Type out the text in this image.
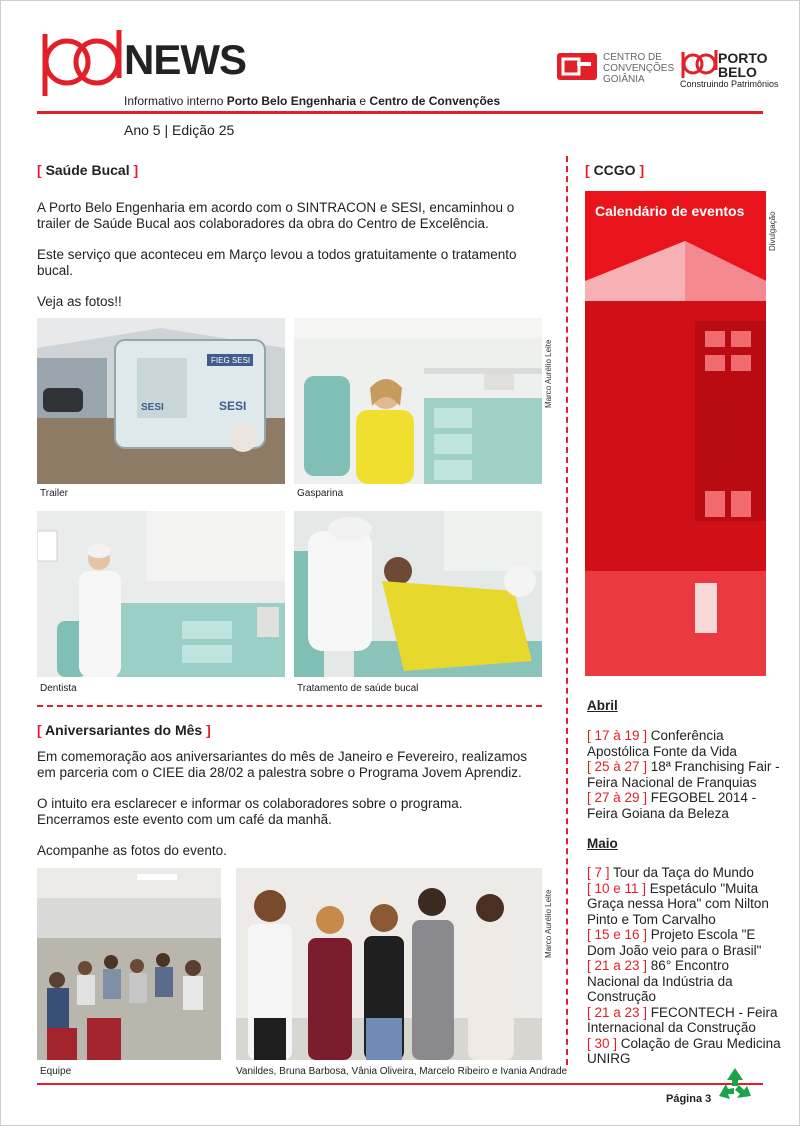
NEWS
Informativo interno Porto Belo Engenharia e Centro de Convenções
CENTRO DE
CONVENÇÕES
GOIÂNIA
PORTO
BELO
Construindo Patrimônios
Ano 5 | Edição 25
[ Saúde Bucal ]

A Porto Belo Engenharia em acordo com o SINTRACON e SESI, encaminhou o trailer de Saúde Bucal aos colaboradores da obra do Centro de Excelência.

Este serviço que aconteceu em Março levou a todos gratuitamente o tratamento bucal.

Veja as fotos!!

FIEG SESI
SESI	SESI
Trailer	Gasparina
Marco Aurélio Leite
Dentista	Tratamento de saúde bucal
[ Aniversariantes do Mês ]

Em comemoração aos aniversariantes do mês de Janeiro e Fevereiro, realizamos em parceria com o CIEE dia 28/02 a palestra sobre o Programa Jovem Aprendiz.

O intuito era esclarecer e informar os colaboradores sobre o programa. Encerramos este evento com um café da manhã.

Acompanhe as fotos do evento.

Equipe	Vanildes, Bruna Barbosa, Vânia Oliveira, Marcelo Ribeiro e Ivania Andrade
Marco Aurélio Leite
[ CCGO ]
Calendário de eventos
Divulgação
Abril

[ 17 à 19 ] Conferência Apostólica Fonte da Vida

[ 25 à 27 ] 18ª Franchising Fair - Feira Nacional de Franquias

[ 27 à 29 ] FEGOBEL 2014 - Feira Goiana da Beleza

Maio

[ 7 ] Tour da Taça do Mundo

[ 10 e 11 ] Espetáculo "Muita Graça nessa Hora" com Nilton Pinto e Tom Carvalho

[ 15 e 16 ] Projeto Escola "E Dom João veio para o Brasil"

[ 21 a 23 ] 86° Encontro Nacional da Indústria da Construção

[ 21 a 23 ] FECONTECH - Feira Internacional da Construção

[ 30 ] Colação de Grau Medicina UNIRG

Página 3
